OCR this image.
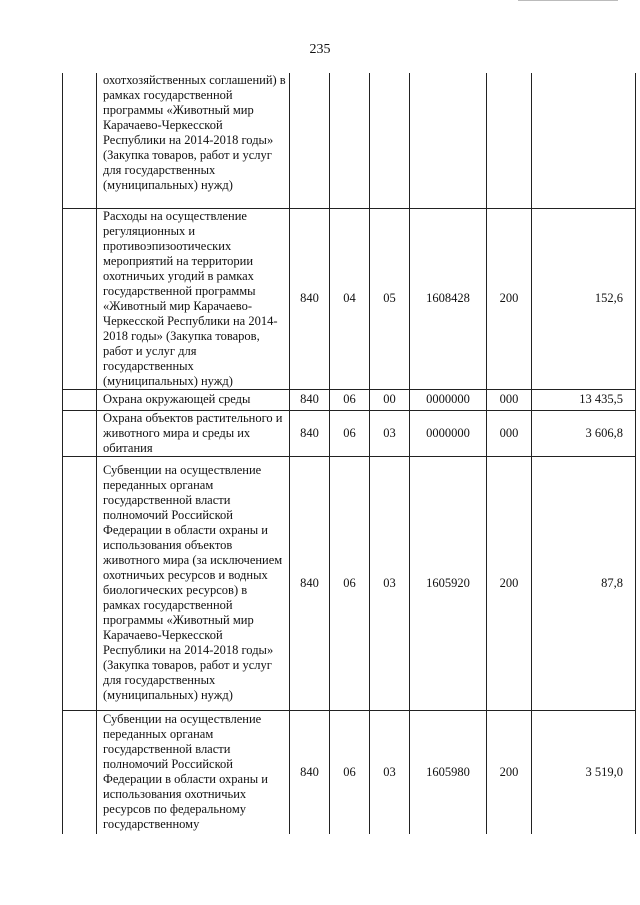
235
	охотхозяйственных соглашений) в рамках государственной программы «Животный мир Карачаево-Черкесской Республики на 2014-2018 годы» (Закупка товаров, работ и услуг для государственных (муниципальных) нужд)						
	Расходы на осуществление регуляционных и противоэпизоотических мероприятий на территории охотничьих угодий в рамках государственной программы «Животный мир Карачаево-Черкесской Республики на 2014-2018 годы» (Закупка товаров, работ и услуг для государственных (муниципальных) нужд)	840	04	05	1608428	200	152,6
	Охрана окружающей среды	840	06	00	0000000	000	13 435,5
	Охрана объектов растительного и животного мира и среды их обитания	840	06	03	0000000	000	3 606,8
	Субвенции на осуществление переданных органам государственной власти полномочий Российской Федерации в области охраны и использования объектов животного мира (за исключением охотничьих ресурсов и водных биологических ресурсов) в рамках государственной программы «Животный мир Карачаево-Черкесской Республики на 2014-2018 годы» (Закупка товаров, работ и услуг для государственных (муниципальных) нужд)	840	06	03	1605920	200	87,8
	Субвенции на осуществление переданных органам государственной власти полномочий Российской Федерации в области охраны и использования охотничьих ресурсов по федеральному государственному	840	06	03	1605980	200	3 519,0
